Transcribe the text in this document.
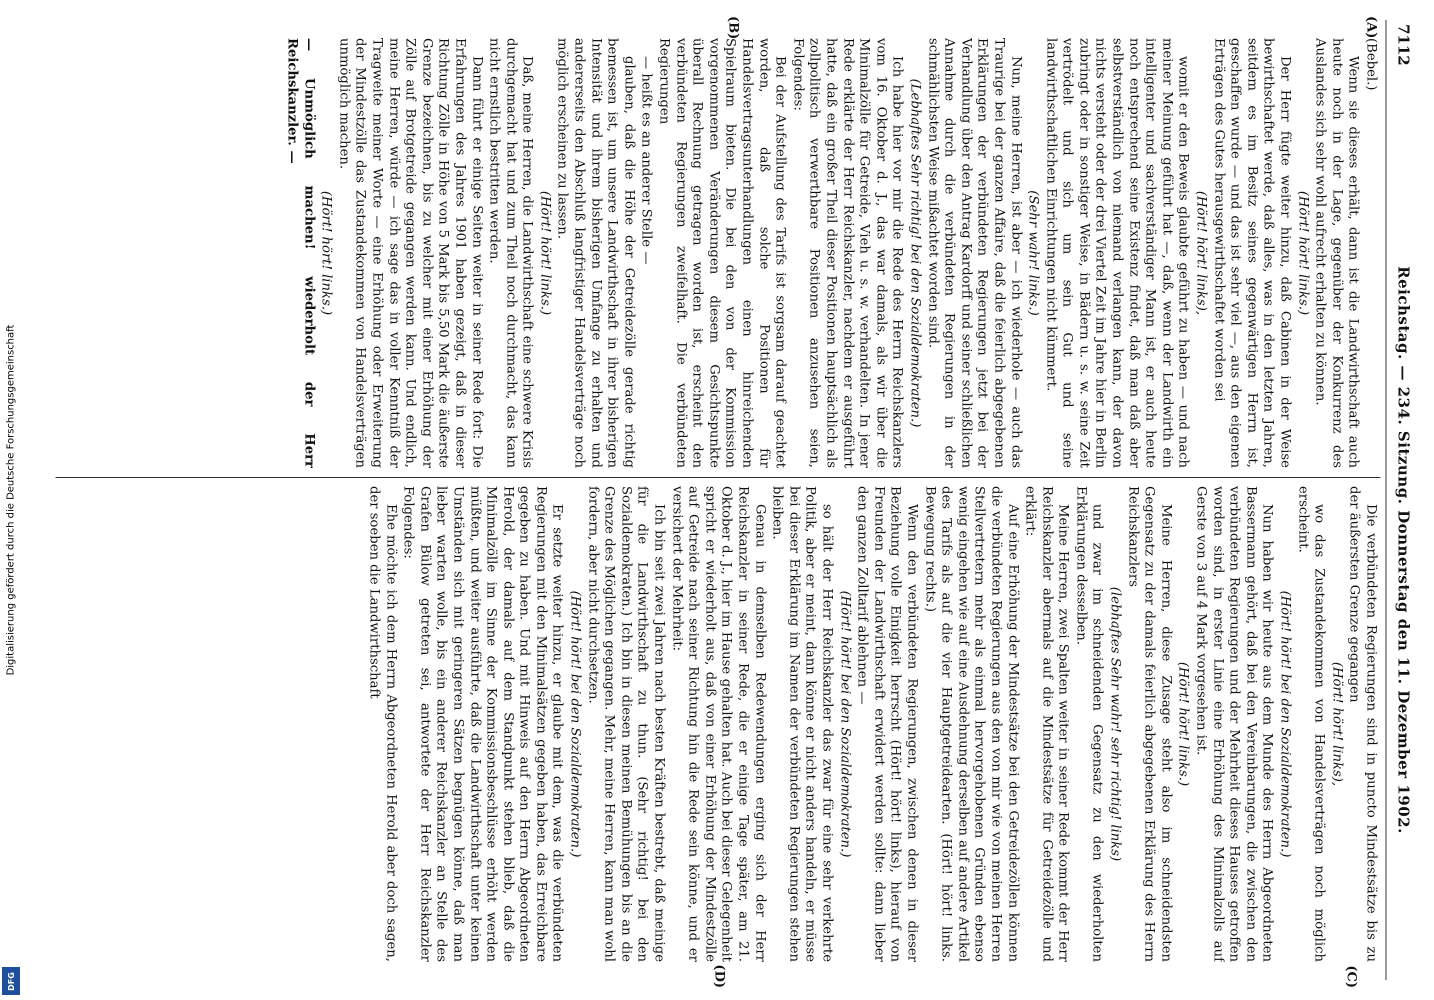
Digitalisierung gefördert durch die Deutsche Forschungsgemeinschaft
DFG
7112
Reichstag. — 234. Sitzung. Donnerstag den 11. Dezember 1902.
(A)
(B)
(C)
(D)

(Bebel.)

Wenn sie dieses erhält, dann ist die Landwirthschaft auch heute noch in der Lage, gegenüber der Konkurrenz des Auslandes sich sehr wohl aufrecht erhalten zu können.

(Hört! hört! links.)

Der Herr fügte weiter hinzu, daß Cabinen in der Weise bewirthschaftet werde, daß alles, was in den letzten Jahren, seitdem es im Besitz seines gegenwärtigen Herrn ist, geschaffen wurde — und das ist sehr viel —, aus den eigenen Erträgen des Gutes herausgewirthschaftet worden sei

(Hört! hört! links),

womit er den Beweis glaubte geführt zu haben — und nach meiner Meinung geführt hat —, daß, wenn der Landwirth ein intelligenter und sachverständiger Mann ist, er auch heute noch entsprechend seine Existenz findet, daß man daß aber selbstverständlich von niemand verlangen kann, der davon nichts versteht oder der drei Viertel Zeit im Jahre hier in Berlin zubringt oder in sonstiger Weise, in Bädern u. s. w. seine Zeit vertrödelt und sich um sein Gut und seine landwirthschaftlichen Einrichtungen nicht kümmert.

(Sehr wahr! links.)

Nun, meine Herren, ist aber — ich wiederhole — auch das Traurige bei der ganzen Affaire, daß die feierlich abgegebenen Erklärungen der verbündeten Regierungen jetzt bei der Verhandlung über den Antrag Kardorff und seiner schließlichen Annahme durch die verbündeten Regierungen in der schmählichsten Weise mißachtet worden sind.

(Lebhaftes Sehr richtig! bei den Sozialdemokraten.)

Ich habe hier vor mir die Rede des Herrn Reichskanzlers vom 16. Oktober d. J., das war damals, als wir über die Minimalzölle für Getreide, Vieh u. s. w. verhandelten. In jener Rede erklärte der Herr Reichskanzler, nachdem er ausgeführt hatte, daß ein großer Theil dieser Positionen hauptsächlich als zollpolitisch verwerthbare Positionen anzusehen seien, Folgendes:

Bei der Aufstellung des Tarifs ist sorgsam darauf geachtet worden, daß solche Positionen für Handelsvertragsunterhandlungen einen hinreichenden Spielraum bieten. Die bei den von der Kommission vorgenommenen Veränderungen diesem Gesichtspunkte überall Rechnung getragen worden ist, erscheint den verbündeten Regierungen zweifelhaft. Die verbündeten Regierungen

— heißt es an anderer Stelle —

glauben, daß die Höhe der Getreidezölle gerade richtig bemessen ist, um unsere Landwirthschaft in ihrer bisherigen Intensität und ihrem bisherigen Umfange zu erhalten und andererseits den Abschluß langfristiger Handelsverträge noch möglich erscheinen zu lassen.

(Hört! hört! links.)

Daß, meine Herren, die Landwirthschaft eine schwere Krisis durchgemacht hat und zum Theil noch durchmacht, das kann nicht ernstlich bestritten werden.

Dann führt er einige Seiten weiter in seiner Rede fort: Die Erfahrungen des Jahres 1901 haben gezeigt, daß in dieser Richtung Zölle in Höhe von 5 Mark bis 5,50 Mark die äußerste Grenze bezeichnen, bis zu welcher mit einer Erhöhung der Zölle auf Brotgetreide gegangen werden kann. Und endlich, meine Herren, würde — ich sage das in voller Kenntniß der Tragweite meiner Worte — eine Erhöhung oder Erweiterung der Mindestzölle das Zustandekommen von Handelsverträgen unmöglich machen.

(Hört! hört! links.)

— Unmöglich machen! wiederholt der Herr Reichskanzler. —

Die verbündeten Regierungen sind in puncto Mindestsätze bis zu der äußersten Grenze gegangen

(Hört! hört! links),

wo das Zustandekommen von Handelsverträgen noch möglich erscheint.

(Hört! hört! bei den Sozialdemokraten.)

Nun haben wir heute aus dem Munde des Herrn Abgeordneten Bassermann gehört, daß bei den Vereinbarungen, die zwischen den verbündeten Regierungen und der Mehrheit dieses Hauses getroffen worden sind, in erster Linie eine Erhöhung des Minimalzolls auf Gerste von 3 auf 4 Mark vorgesehen ist.

(Hört! hört! links.)

Meine Herren, diese Zusage steht also im schneidendsten Gegensatz zu der damals feierlich abgegebenen Erklärung des Herrn Reichskanzlers

(lebhaftes Sehr wahr! sehr richtig! links)

und zwar im schneidenden Gegensatz zu den wiederholten Erklärungen desselben.

Meine Herren, zwei Spalten weiter in seiner Rede kommt der Herr Reichskanzler abermals auf die Mindestsätze für Getreidezölle und erklärt:

Auf eine Erhöhung der Mindestsätze bei den Getreidezöllen können die verbündeten Regierungen aus den von mir wie von meinen Herren Stellvertretern mehr als einmal hervorgehobenen Gründen ebenso wenig eingehen wie auf eine Ausdehnung derselben auf andere Artikel des Tarifs als auf die vier Hauptgetreidearten. (Hört! hört! links. Bewegung rechts.)

Wenn den verbündeten Regierungen, zwischen denen in dieser Beziehung volle Einigkeit herrscht (Hört! hört! links), hierauf von Freunden der Landwirthschaft erwidert werden sollte: dann lieber den ganzen Zolltarif ablehnen —

(Hört! hört! bei den Sozialdemokraten.)

so hält der Herr Reichskanzler das zwar für eine sehr verkehrte Politik, aber er meint, dann könne er nicht anders handeln, er müsse bei dieser Erklärung im Namen der verbündeten Regierungen stehen bleiben.

Genau in demselben Redewendungen erging sich der Herr Reichskanzler in seiner Rede, die er einige Tage später, am 21. Oktober d. J., hier im Hause gehalten hat. Auch bei dieser Gelegenheit spricht er wiederholt aus, daß von einer Erhöhung der Mindestzölle auf Getreide nach seiner Richtung hin die Rede sein könne, und er versichert der Mehrheit:

Ich bin seit zwei Jahren nach besten Kräften bestrebt, daß meinige für die Landwirthschaft zu thun. (Sehr richtig! bei den Sozialdemokraten.) Ich bin in diesen meinen Bemühungen bis an die Grenze des Möglichen gegangen. Mehr, meine Herren, kann man wohl fordern, aber nicht durchsetzen.

(Hört! hört! bei den Sozialdemokraten.)

Er setzte weiter hinzu, er glaube mit dem, was die verbündeten Regierungen mit den Minimalsätzen gegeben haben, das Erreichbare gegeben zu haben. Und mit Hinweis auf den Herrn Abgeordneten Herold, der damals auf dem Standpunkt stehen blieb, daß die Minimalzölle im Sinne der Kommissionsbeschlüsse erhöht werden müßten, und weiter ausführte, daß die Landwirthschaft unter keinen Umständen sich mit geringeren Sätzen begnügen könne, daß man lieber warten wolle, bis ein anderer Reichskanzler an Stelle des Grafen Bülow getreten sei, antwortete der Herr Reichskanzler Folgendes:

Ehe möchte ich dem Herrn Abgeordneten Herold aber doch sagen, der soeben die Landwirthschaft
